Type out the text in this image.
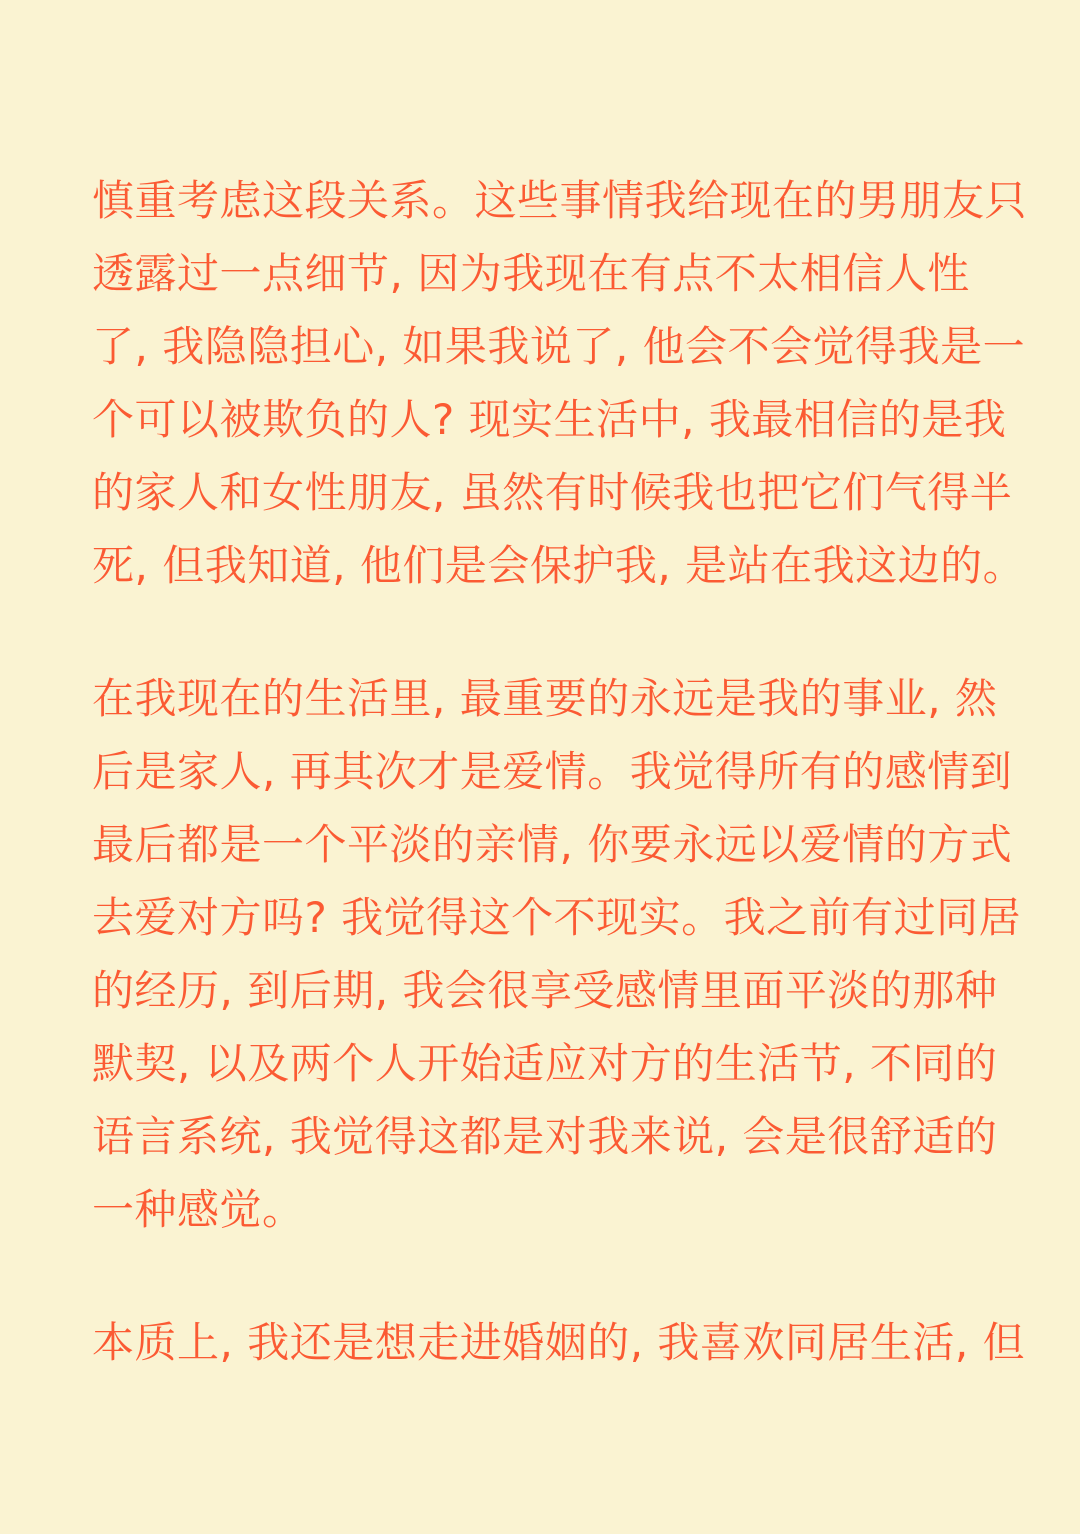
慎重考虑这段关系。这些事情我给现在的男朋友只

透露过一点细节, 因为我现在有点不太相信人性

了, 我隐隐担心, 如果我说了, 他会不会觉得我是一

个可以被欺负的人? 现实生活中, 我最相信的是我

的家人和女性朋友, 虽然有时候我也把它们气得半

死, 但我知道, 他们是会保护我, 是站在我这边的。

在我现在的生活里, 最重要的永远是我的事业, 然

后是家人, 再其次才是爱情。我觉得所有的感情到

最后都是一个平淡的亲情, 你要永远以爱情的方式

去爱对方吗? 我觉得这个不现实。我之前有过同居

的经历, 到后期, 我会很享受感情里面平淡的那种

默契, 以及两个人开始适应对方的生活节, 不同的

语言系统, 我觉得这都是对我来说, 会是很舒适的

一种感觉。

本质上, 我还是想走进婚姻的, 我喜欢同居生活, 但
